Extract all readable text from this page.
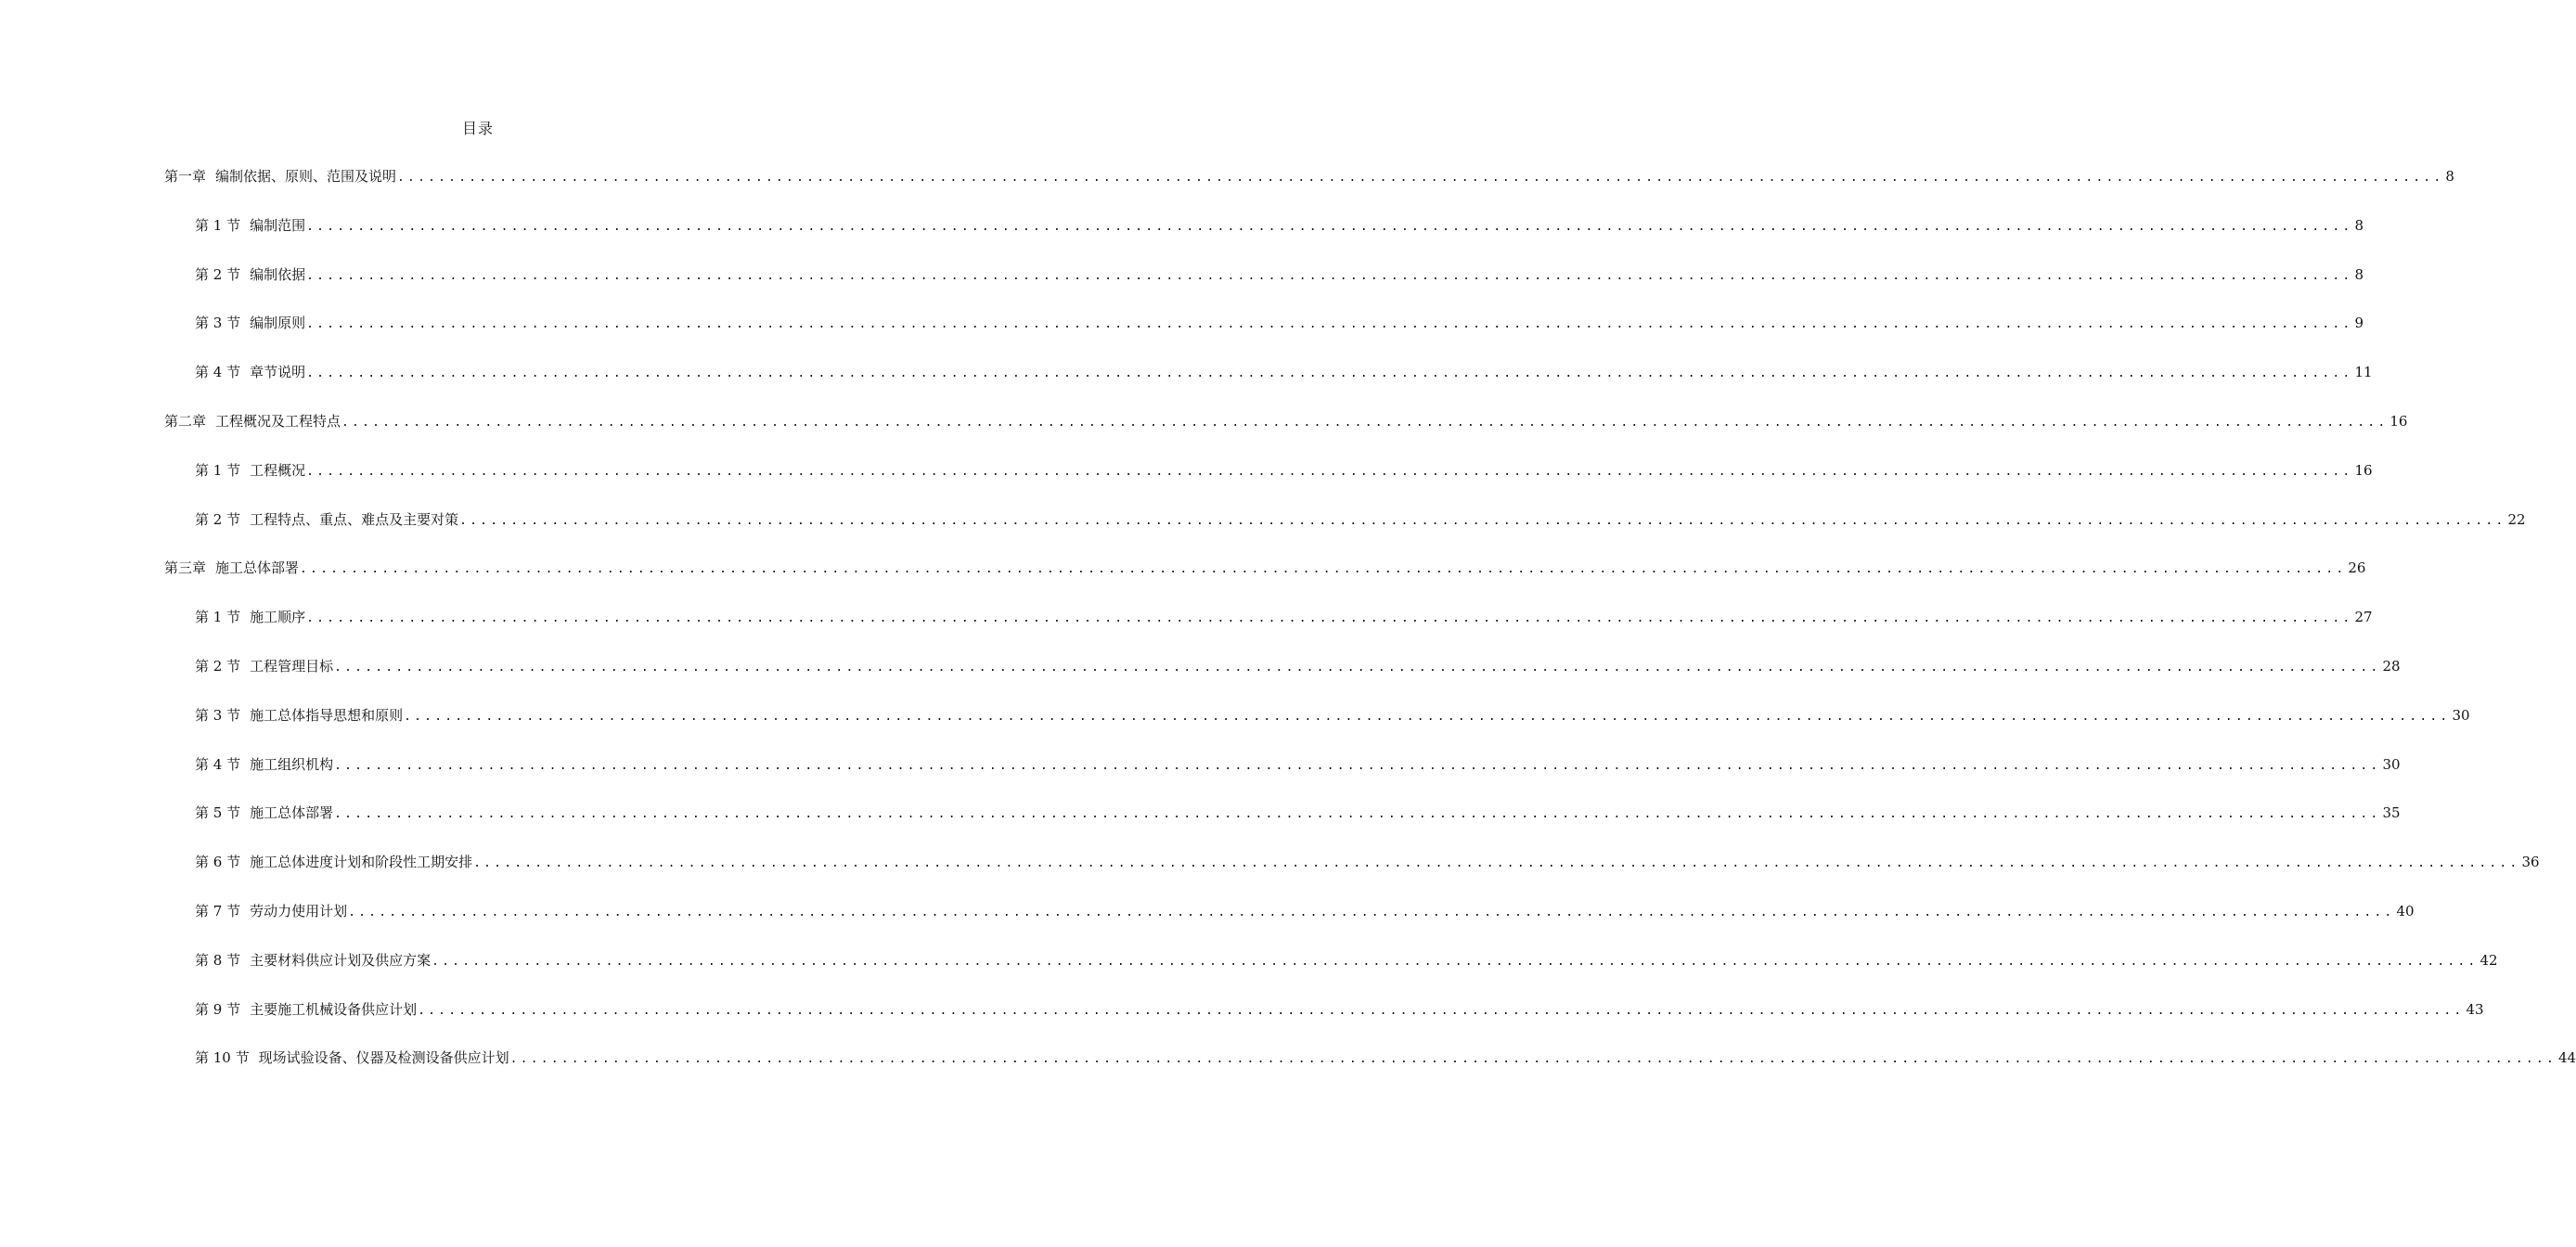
目录
第一章 编制依据、原则、范围及说明 ........................................................................................................................................................................................................ 8
第 1 节 编制范围 ........................................................................................................................................................................................................ 8
第 2 节 编制依据 ........................................................................................................................................................................................................ 8
第 3 节 编制原则 ........................................................................................................................................................................................................ 9
第 4 节 章节说明 ........................................................................................................................................................................................................ 11
第二章 工程概况及工程特点 ........................................................................................................................................................................................................ 16
第 1 节 工程概况 ........................................................................................................................................................................................................ 16
第 2 节 工程特点、重点、难点及主要对策 ........................................................................................................................................................................................................ 22
第三章 施工总体部署 ........................................................................................................................................................................................................ 26
第 1 节 施工顺序 ........................................................................................................................................................................................................ 27
第 2 节 工程管理目标 ........................................................................................................................................................................................................ 28
第 3 节 施工总体指导思想和原则 ........................................................................................................................................................................................................ 30
第 4 节 施工组织机构 ........................................................................................................................................................................................................ 30
第 5 节 施工总体部署 ........................................................................................................................................................................................................ 35
第 6 节 施工总体进度计划和阶段性工期安排 ........................................................................................................................................................................................................ 36
第 7 节 劳动力使用计划 ........................................................................................................................................................................................................ 40
第 8 节 主要材料供应计划及供应方案 ........................................................................................................................................................................................................ 42
第 9 节 主要施工机械设备供应计划 ........................................................................................................................................................................................................ 43
第 10 节 现场试验设备、仪器及检测设备供应计划 ........................................................................................................................................................................................................ 44
